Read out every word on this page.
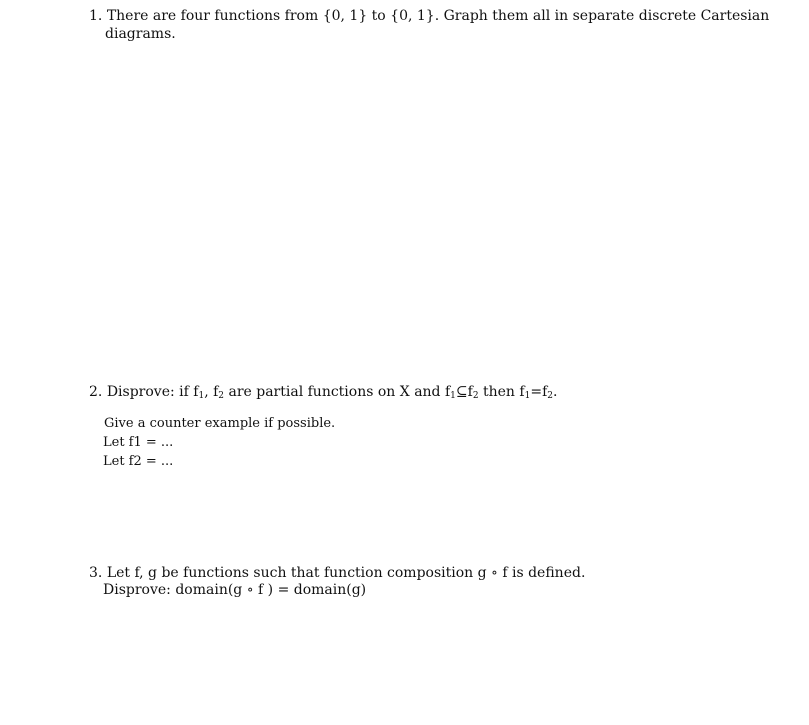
1. There are four functions from {0, 1} to {0, 1}. Graph them all in separate discrete Cartesian
diagrams.
2. Disprove: if $f_1$, $f_2$ are partial functions on X and $f_1⊆f_2$ then $f_1=f_2$.
Give a counter example if possible.
Let f1 = ...
Let f2 = ...
3. Let f, g be functions such that function composition g ∘ f is defined.
Disprove: domain(g ∘ f ) = domain(g)
